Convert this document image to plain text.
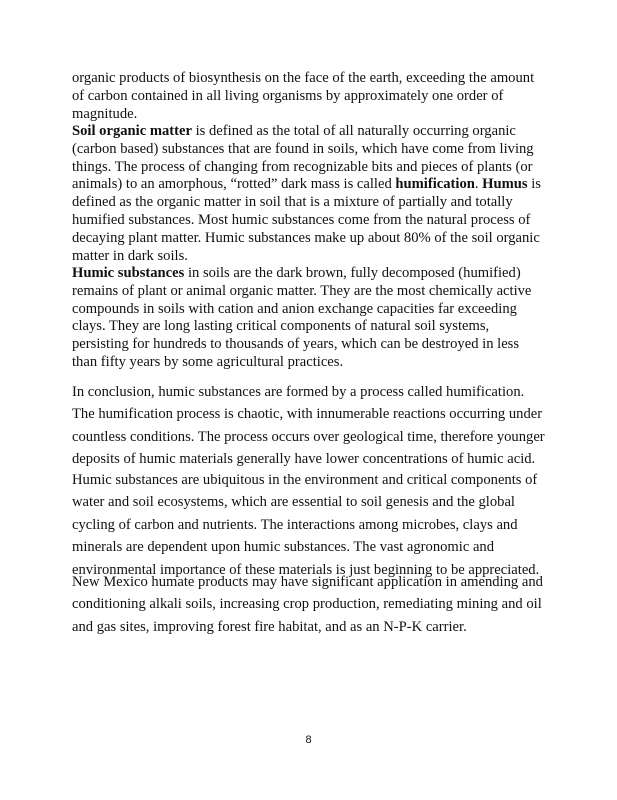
organic products of biosynthesis on the face of the earth, exceeding the amount of carbon contained in all living organisms by approximately one order of magnitude.

Soil organic matter is defined as the total of all naturally occurring organic (carbon based) substances that are found in soils, which have come from living things. The process of changing from recognizable bits and pieces of plants (or animals) to an amorphous, “rotted” dark mass is called humification. Humus is defined as the organic matter in soil that is a mixture of partially and totally humified substances. Most humic substances come from the natural process of decaying plant matter. Humic substances make up about 80% of the soil organic matter in dark soils.

Humic substances in soils are the dark brown, fully decomposed (humified) remains of plant or animal organic matter. They are the most chemically active compounds in soils with cation and anion exchange capacities far exceeding clays. They are long lasting critical components of natural soil systems, persisting for hundreds to thousands of years, which can be destroyed in less than fifty years by some agricultural practices.

In conclusion, humic substances are formed by a process called humification. The humification process is chaotic, with innumerable reactions occurring under countless conditions. The process occurs over geological time, therefore younger deposits of humic materials generally have lower concentrations of humic acid.

Humic substances are ubiquitous in the environment and critical components of water and soil ecosystems, which are essential to soil genesis and the global cycling of carbon and nutrients. The interactions among microbes, clays and minerals are dependent upon humic substances. The vast agronomic and environmental importance of these materials is just beginning to be appreciated.

New Mexico humate products may have significant application in amending and conditioning alkali soils, increasing crop production, remediating mining and oil and gas sites, improving forest fire habitat, and as an N-P-K carrier.

8
